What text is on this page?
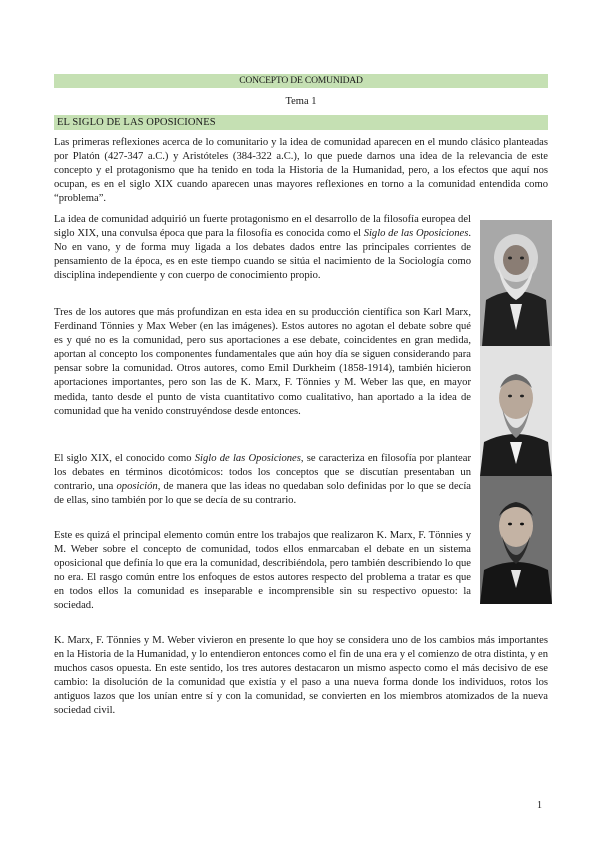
CONCEPTO DE COMUNIDAD
Tema 1
EL SIGLO DE LAS OPOSICIONES

Las primeras reflexiones acerca de lo comunitario y la idea de comunidad aparecen en el mundo clásico planteadas por Platón (427-347 a.C.) y Aristóteles (384-322 a.C.), lo que puede darnos una idea de la relevancia de este concepto y el protagonismo que ha tenido en toda la Historia de la Humanidad, pero, a los efectos que aquí nos ocupan, es en el siglo XIX cuando aparecen unas mayores reflexiones en torno a la comunidad entendida como “problema”.

La idea de comunidad adquirió un fuerte protagonismo en el desarrollo de la filosofía europea del siglo XIX, una convulsa época que para la filosofía es conocida como el Siglo de las Oposiciones. No en vano, y de forma muy ligada a los debates dados entre las principales corrientes de pensamiento de la época, es en este tiempo cuando se sitúa el nacimiento de la Sociología como disciplina independiente y con cuerpo de conocimiento propio.

Tres de los autores que más profundizan en esta idea en su producción científica son Karl Marx, Ferdinand Tönnies y Max Weber (en las imágenes). Estos autores no agotan el debate sobre qué es y qué no es la comunidad, pero sus aportaciones a ese debate, coincidentes en gran medida, aportan al concepto los componentes fundamentales que aún hoy día se siguen considerando para pensar sobre la comunidad. Otros autores, como Emil Durkheim (1858-1914), también hicieron aportaciones importantes, pero son las de K. Marx, F. Tönnies y M. Weber las que, en mayor medida, tanto desde el punto de vista cuantitativo como cualitativo, han aportado a la idea de comunidad que ha venido construyéndose desde entonces.

El siglo XIX, el conocido como Siglo de las Oposiciones, se caracteriza en filosofía por plantear los debates en términos dicotómicos: todos los conceptos que se discutían presentaban un contrario, una oposición, de manera que las ideas no quedaban solo definidas por lo que se decía de ellas, sino también por lo que se decía de su contrario.

Este es quizá el principal elemento común entre los trabajos que realizaron K. Marx, F. Tönnies y M. Weber sobre el concepto de comunidad, todos ellos enmarcaban el debate en un sistema oposicional que definía lo que era la comunidad, describiéndola, pero también describiendo lo que no era. El rasgo común entre los enfoques de estos autores respecto del problema a tratar es que en todos ellos la comunidad es inseparable e incomprensible sin su respectivo opuesto: la sociedad.

K. Marx, F. Tönnies y M. Weber vivieron en presente lo que hoy se considera uno de los cambios más importantes en la Historia de la Humanidad, y lo entendieron entonces como el fin de una era y el comienzo de otra distinta, y en muchos casos opuesta. En este sentido, los tres autores destacaron un mismo aspecto como el más decisivo de ese cambio: la disolución de la comunidad que existía y el paso a una nueva forma donde los individuos, rotos los antiguos lazos que los unían entre sí y con la comunidad, se convierten en los miembros atomizados de la nueva sociedad civil.

1
